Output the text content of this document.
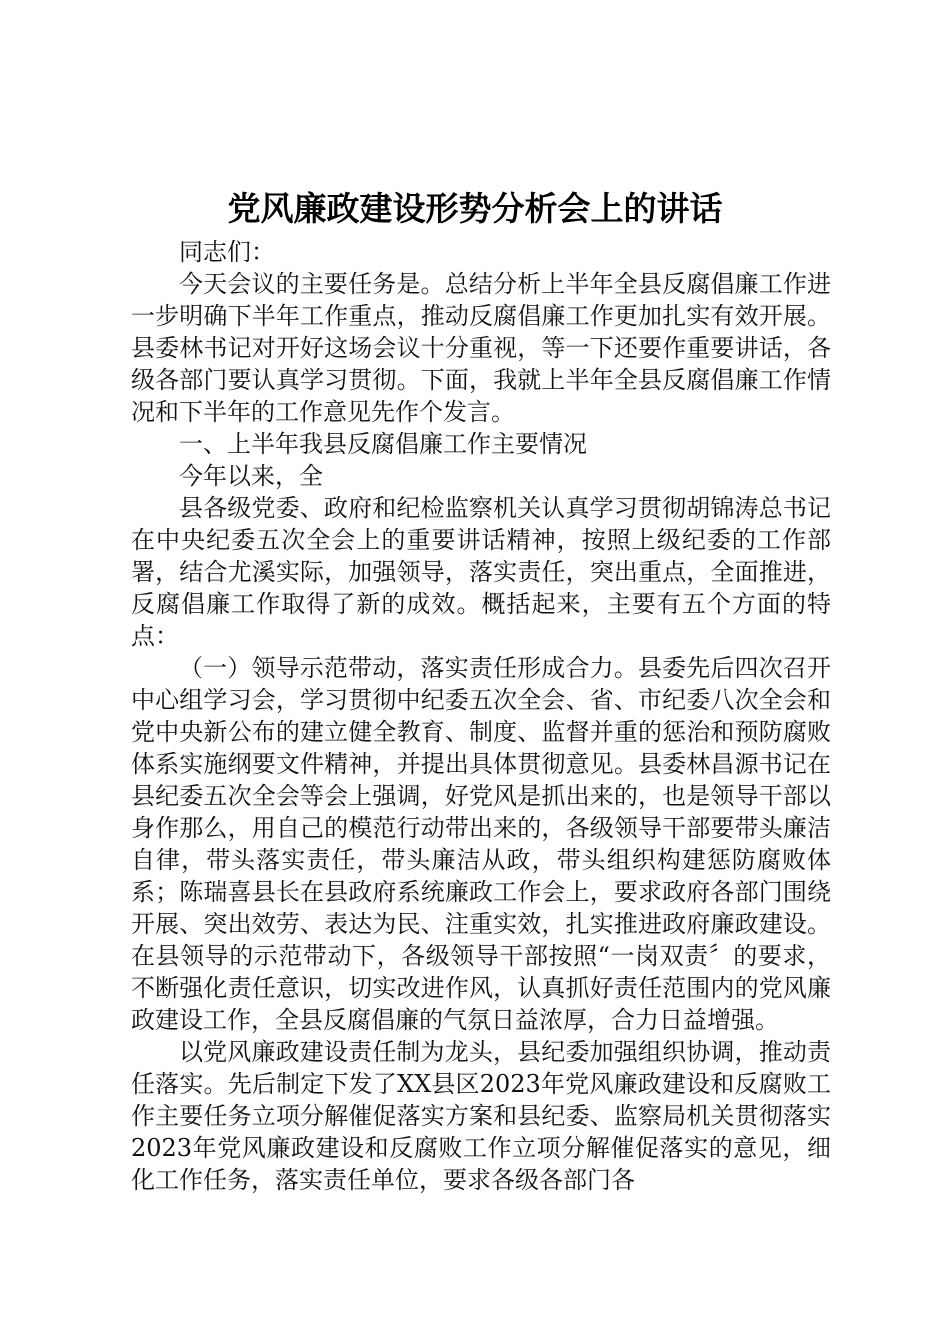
党风廉政建设形势分析会上的讲话

同志们：

今天会议的主要任务是。总结分析上半年全县反腐倡廉工作进一步明确下半年工作重点，推动反腐倡廉工作更加扎实有效开展。县委林书记对开好这场会议十分重视，等一下还要作重要讲话，各级各部门要认真学习贯彻。下面，我就上半年全县反腐倡廉工作情况和下半年的工作意见先作个发言。

一、上半年我县反腐倡廉工作主要情况

今年以来，全

县各级党委、政府和纪检监察机关认真学习贯彻胡锦涛总书记在中央纪委五次全会上的重要讲话精神，按照上级纪委的工作部署，结合尤溪实际，加强领导，落实责任，突出重点，全面推进，反腐倡廉工作取得了新的成效。概括起来，主要有五个方面的特点：

（一）领导示范带动，落实责任形成合力。县委先后四次召开中心组学习会，学习贯彻中纪委五次全会、省、市纪委八次全会和党中央新公布的建立健全教育、制度、监督并重的惩治和预防腐败体系实施纲要文件精神，并提出具体贯彻意见。县委林昌源书记在县纪委五次全会等会上强调，好党风是抓出来的，也是领导干部以身作那么，用自己的模范行动带出来的，各级领导干部要带头廉洁自律，带头落实责任，带头廉洁从政，带头组织构建惩防腐败体系；陈瑞喜县长在县政府系统廉政工作会上，要求政府各部门围绕开展、突出效劳、表达为民、注重实效，扎实推进政府廉政建设。在县领导的示范带动下，各级领导干部按照“一岗双责〞的要求，不断强化责任意识，切实改进作风，认真抓好责任范围内的党风廉政建设工作，全县反腐倡廉的气氛日益浓厚，合力日益增强。

以党风廉政建设责任制为龙头，县纪委加强组织协调，推动责任落实。先后制定下发了XX县区2023年党风廉政建设和反腐败工作主要任务立项分解催促落实方案和县纪委、监察局机关贯彻落实2023年党风廉政建设和反腐败工作立项分解催促落实的意见，细化工作任务，落实责任单位，要求各级各部门各
